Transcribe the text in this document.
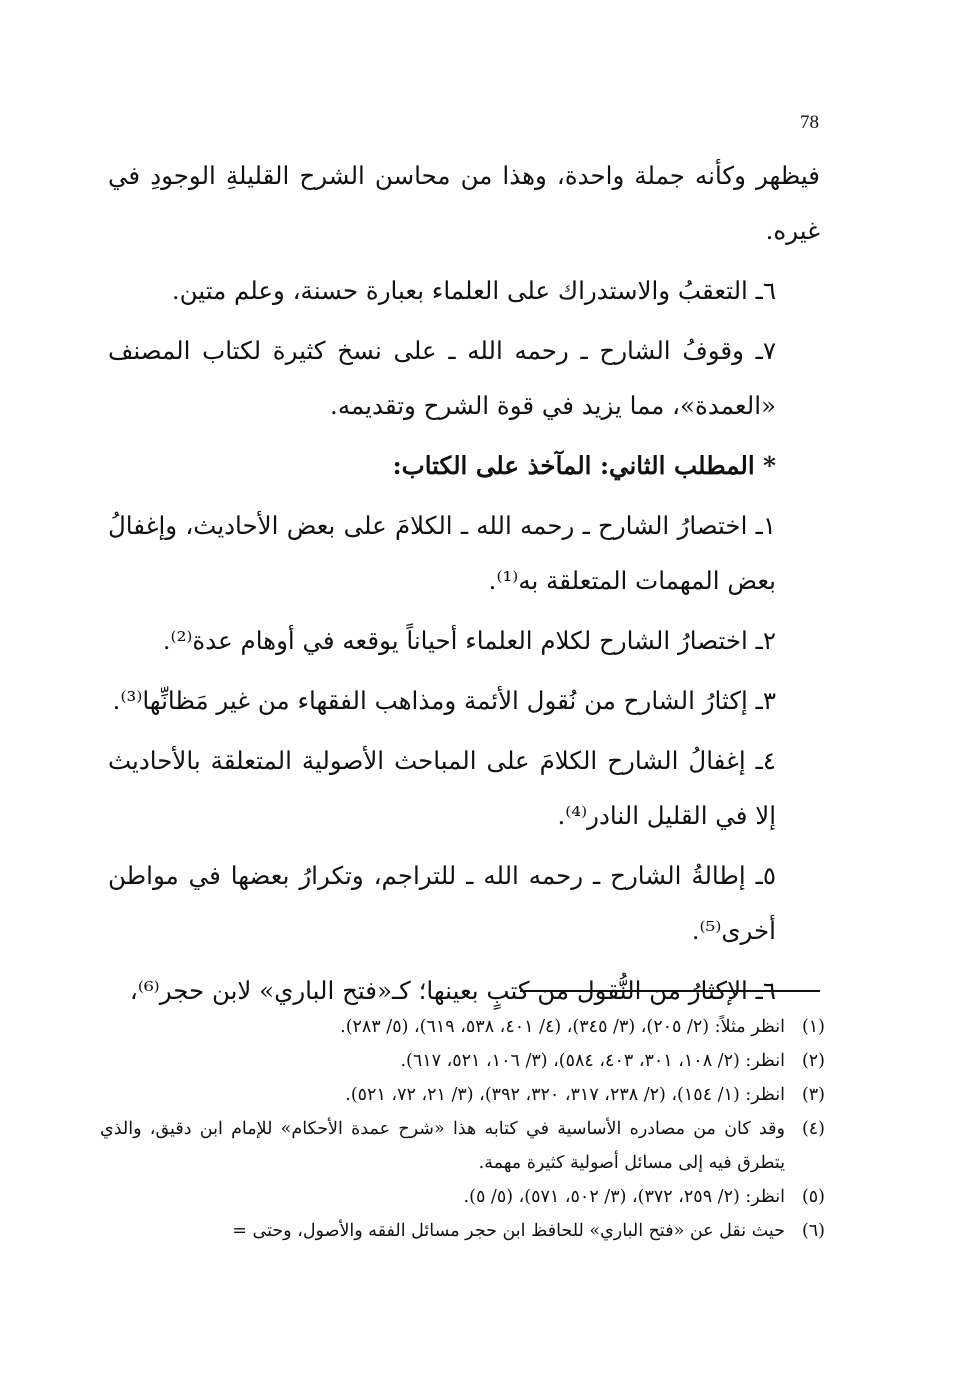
78

فيظهر وكأنه جملة واحدة، وهذا من محاسن الشرح القليلةِ الوجودِ في غيره.

٦ـ التعقبُ والاستدراك على العلماء بعبارة حسنة، وعلم متين.

٧ـ وقوفُ الشارح ـ رحمه الله ـ على نسخ كثيرة لكتاب المصنف «العمدة»، مما يزيد في قوة الشرح وتقديمه.

* المطلب الثاني: المآخذ على الكتاب:

١ـ اختصارُ الشارح ـ رحمه الله ـ الكلامَ على بعض الأحاديث، وإغفالُ بعض المهمات المتعلقة به⁽¹⁾.

٢ـ اختصارُ الشارح لكلام العلماء أحياناً يوقعه في أوهام عدة⁽²⁾.

٣ـ إكثارُ الشارح من نُقول الأئمة ومذاهب الفقهاء من غير مَظانِّها⁽³⁾.

٤ـ إغفالُ الشارح الكلامَ على المباحث الأصولية المتعلقة بالأحاديث إلا في القليل النادر⁽⁴⁾.

٥ـ إطالةُ الشارح ـ رحمه الله ـ للتراجم، وتكرارُ بعضها في مواطن أخرى⁽⁵⁾.

٦ـ الإكثارُ من النُّقول من كتبٍ بعينها؛ كـ«فتح الباري» لابن حجر⁽⁶⁾،

(١)
انظر مثلاً: (٢/ ٢٠٥)، (٣/ ٣٤٥)، (٤/ ٤٠١، ٥٣٨، ٦١٩)، (٥/ ٢٨٣).
(٢)
انظر: (٢/ ١٠٨، ٣٠١، ٤٠٣، ٥٨٤)، (٣/ ١٠٦، ٥٢١، ٦١٧).
(٣)
انظر: (١/ ١٥٤)، (٢/ ٢٣٨، ٣١٧، ٣٢٠، ٣٩٢)، (٣/ ٢١، ٧٢، ٥٢١).
(٤)
وقد كان من مصادره الأساسية في كتابه هذا «شرح عمدة الأحكام» للإمام ابن دقيق، والذي يتطرق فيه إلى مسائل أصولية كثيرة مهمة.
(٥)
انظر: (٢/ ٢٥٩، ٣٧٢)، (٣/ ٥٠٢، ٥٧١)، (٥/ ٥).
(٦)
حيث نقل عن «فتح الباري» للحافظ ابن حجر مسائل الفقه والأصول، وحتى =
